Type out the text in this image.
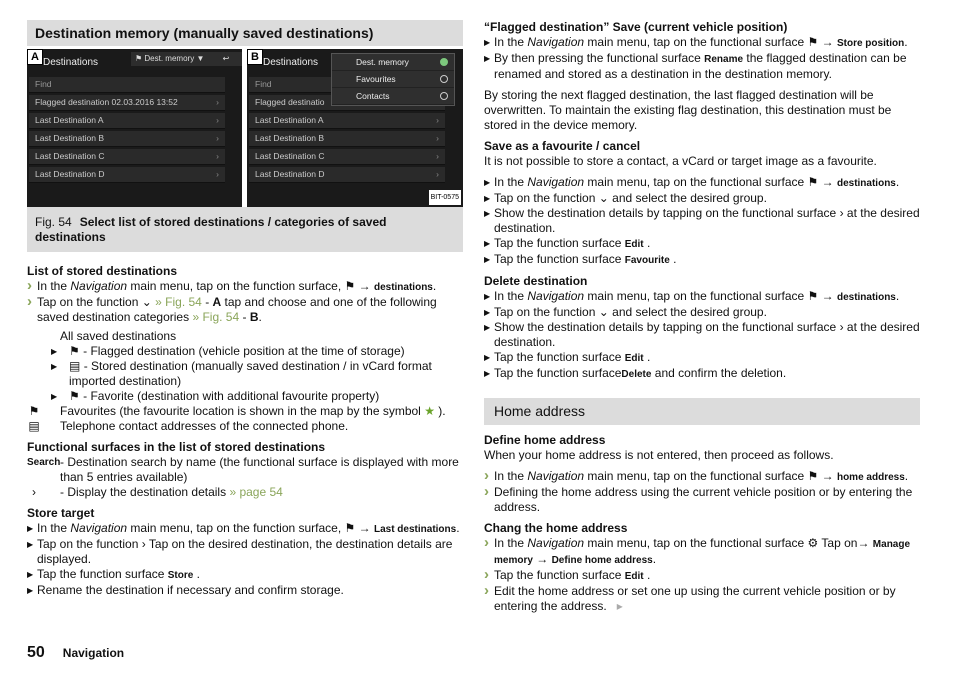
Destination memory (manually saved destinations)
A Destinations	⚑ Dest. memory ▼	↩
Find
Flagged destination 02.03.2016 13:52	›
Last Destination A	›
Last Destination B	›
Last Destination C	›
Last Destination D	›
B Destinations
Find
Flagged destinatio
Last Destination A	›
Last Destination B	›
Last Destination C	›
Last Destination D	›
Dest. memory
Favourites
Contacts
BIT-0575
Fig. 54 Select list of stored destinations / categories of saved destinations
List of stored destinations

› In the Navigation main menu, tap on the function surface, ⚑ → destinations.

› Tap on the function ⌄ » Fig. 54 - A tap and choose and one of the following saved destination categories » Fig. 54 - B.

All saved destinations

▶ ⚑ - Flagged destination (vehicle position at the time of storage)

▶ ▤ - Stored destination (manually saved destination / in vCard format imported destination)

▶ ⚑ - Favorite (destination with additional favourite property)

⚑ Favourites (the favourite location is shown in the map by the symbol ★ ).

▤ Telephone contact addresses of the connected phone.

Functional surfaces in the list of stored destinations

Search - Destination search by name (the functional surface is displayed with more than 5 entries available)

›	- Display the destination details » page 54

Store target

▶ In the Navigation main menu, tap on the function surface, ⚑ → Last destinations.

▶ Tap on the function › Tap on the desired destination, the destination details are displayed.

▶ Tap the function surface Store .

▶ Rename the destination if necessary and confirm storage.

“Flagged destination” Save (current vehicle position)

▶ In the Navigation main menu, tap on the functional surface ⚑ → Store position.

▶ By then pressing the functional surface Rename the flagged destination can be renamed and stored as a destination in the destination memory.

By storing the next flagged destination, the last flagged destination will be overwritten. To maintain the existing flag destination, this destination must be stored in the device memory.

Save as a favourite / cancel

It is not possible to store a contact, a vCard or target image as a favourite.

▶ In the Navigation main menu, tap on the functional surface ⚑ → destinations.

▶ Tap on the function ⌄ and select the desired group.

▶ Show the destination details by tapping on the functional surface › at the desired destination.

▶ Tap the function surface Edit .

▶ Tap the function surface Favourite .

Delete destination

▶ In the Navigation main menu, tap on the functional surface ⚑ → destinations.

▶ Tap on the function ⌄ and select the desired group.

▶ Show the destination details by tapping on the functional surface › at the desired destination.

▶ Tap the function surface Edit .

▶ Tap the function surfaceDelete and confirm the deletion.

Home address
Define home address

When your home address is not entered, then proceed as follows.

› In the Navigation main menu, tap on the functional surface ⚑ → home address.

› Defining the home address using the current vehicle position or by entering the address.

Chang the home address

› In the Navigation main menu, tap on the functional surface ⚙ Tap on→ Manage memory → Define home address.

› Tap the function surface Edit .

› Edit the home address or set one up using the current vehicle position or by entering the address. ▸

50 Navigation
